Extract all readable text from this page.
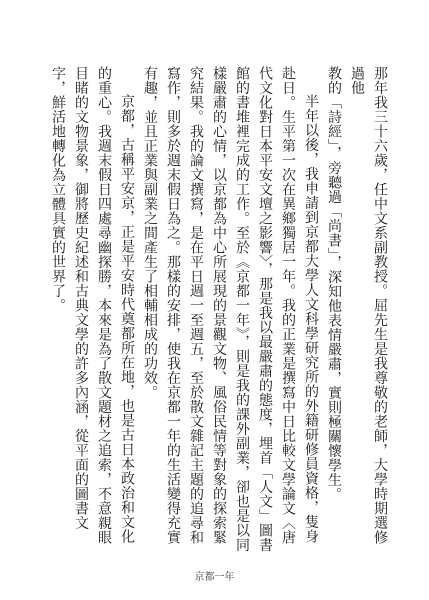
那年我三十六歲，任中文系副教授。屈先生是我尊敬的老師，大學時期選修過他

教的「詩經」，旁聽過「尚書」，深知他表情嚴肅，實則極關懷學生。

半年以後，我申請到京都大學人文科學研究所的外籍研修員資格，隻身赴日。生平第一次在異鄉獨居一年。我的正業是撰寫中日比較文學論文〈唐代文化對日本平安文壇之影響〉，那是我以最嚴肅的態度，埋首「人文」圖書館的書堆裡完成的工作。至於《京都一年》，則是我的課外副業，卻也是以同樣嚴肅的心情，以京都為中心所展現的景觀文物、風俗民情等對象的探索緊究結果。我的論文撰寫，是在平日週一至週五，至於散文雜記主題的追尋和寫作，則多於週末假日為之。那樣的安排，使我在京都一年的生活變得充實有趣，並且正業與副業之間產生了相輔相成的功效。

京都，古稱平安京，正是平安時代奠都所在地，也是古日本政治和文化的重心。我週末假日四處尋幽探勝，本來是為了散文題材之追索，不意親眼目睹的文物景象，御將歷史紀述和古典文學的許多內涵，從平面的圖書文字，鮮活地轉化為立體具實的世界了。

京都一年
